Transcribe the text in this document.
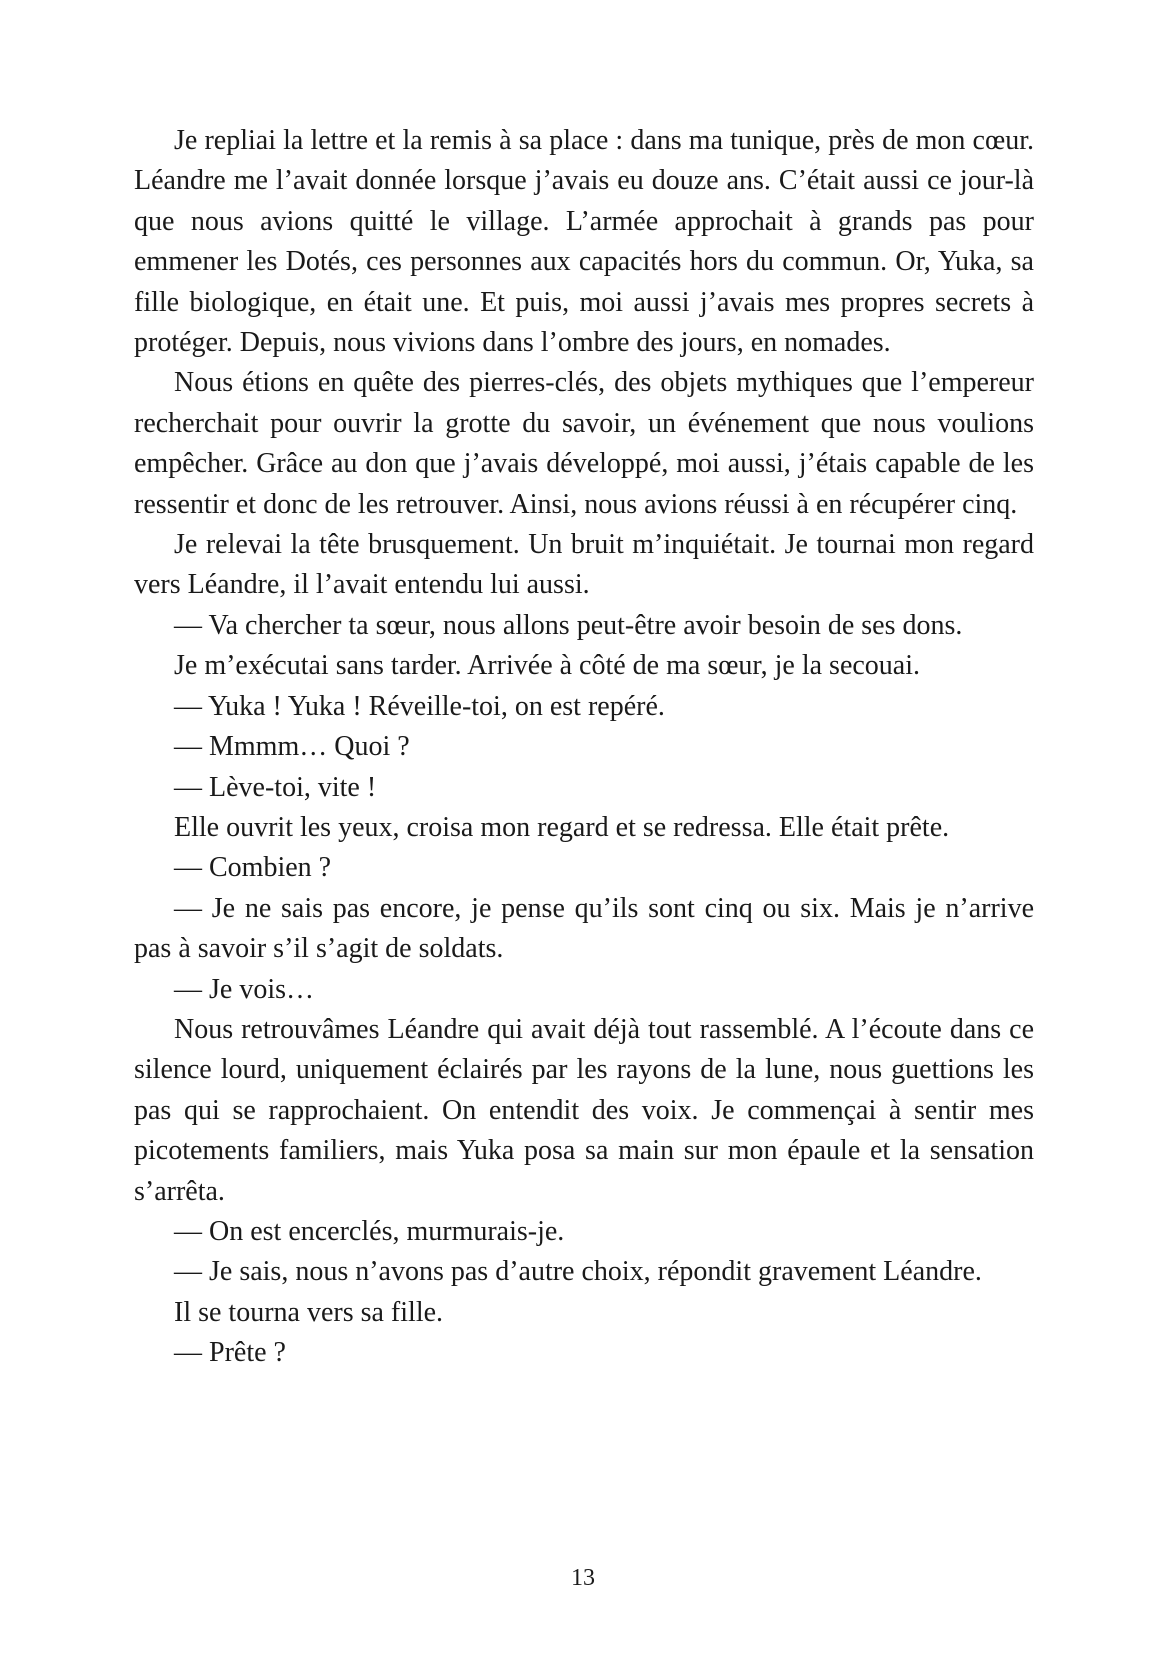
Je repliai la lettre et la remis à sa place : dans ma tunique, près de mon cœur. Léandre me l’avait donnée lorsque j’avais eu douze ans. C’était aussi ce jour-là que nous avions quitté le village. L’armée approchait à grands pas pour emmener les Dotés, ces personnes aux capacités hors du commun. Or, Yuka, sa fille biologique, en était une. Et puis, moi aussi j’avais mes propres secrets à protéger. Depuis, nous vivions dans l’ombre des jours, en nomades.

Nous étions en quête des pierres-clés, des objets mythiques que l’empereur recherchait pour ouvrir la grotte du savoir, un événement que nous voulions empêcher. Grâce au don que j’avais développé, moi aussi, j’étais capable de les ressentir et donc de les retrouver. Ainsi, nous avions réussi à en récupérer cinq.

Je relevai la tête brusquement. Un bruit m’inquiétait. Je tournai mon regard vers Léandre, il l’avait entendu lui aussi.

— Va chercher ta sœur, nous allons peut-être avoir besoin de ses dons.

Je m’exécutai sans tarder. Arrivée à côté de ma sœur, je la secouai.

— Yuka ! Yuka ! Réveille-toi, on est repéré.

— Mmmm… Quoi ?

— Lève-toi, vite !

Elle ouvrit les yeux, croisa mon regard et se redressa. Elle était prête.

— Combien ?

— Je ne sais pas encore, je pense qu’ils sont cinq ou six. Mais je n’arrive pas à savoir s’il s’agit de soldats.

— Je vois…

Nous retrouvâmes Léandre qui avait déjà tout rassemblé. A l’écoute dans ce silence lourd, uniquement éclairés par les rayons de la lune, nous guettions les pas qui se rapprochaient. On entendit des voix. Je commençai à sentir mes picotements familiers, mais Yuka posa sa main sur mon épaule et la sensation s’arrêta.

— On est encerclés, murmurais-je.

— Je sais, nous n’avons pas d’autre choix, répondit gravement Léandre.

Il se tourna vers sa fille.

— Prête ?

13
